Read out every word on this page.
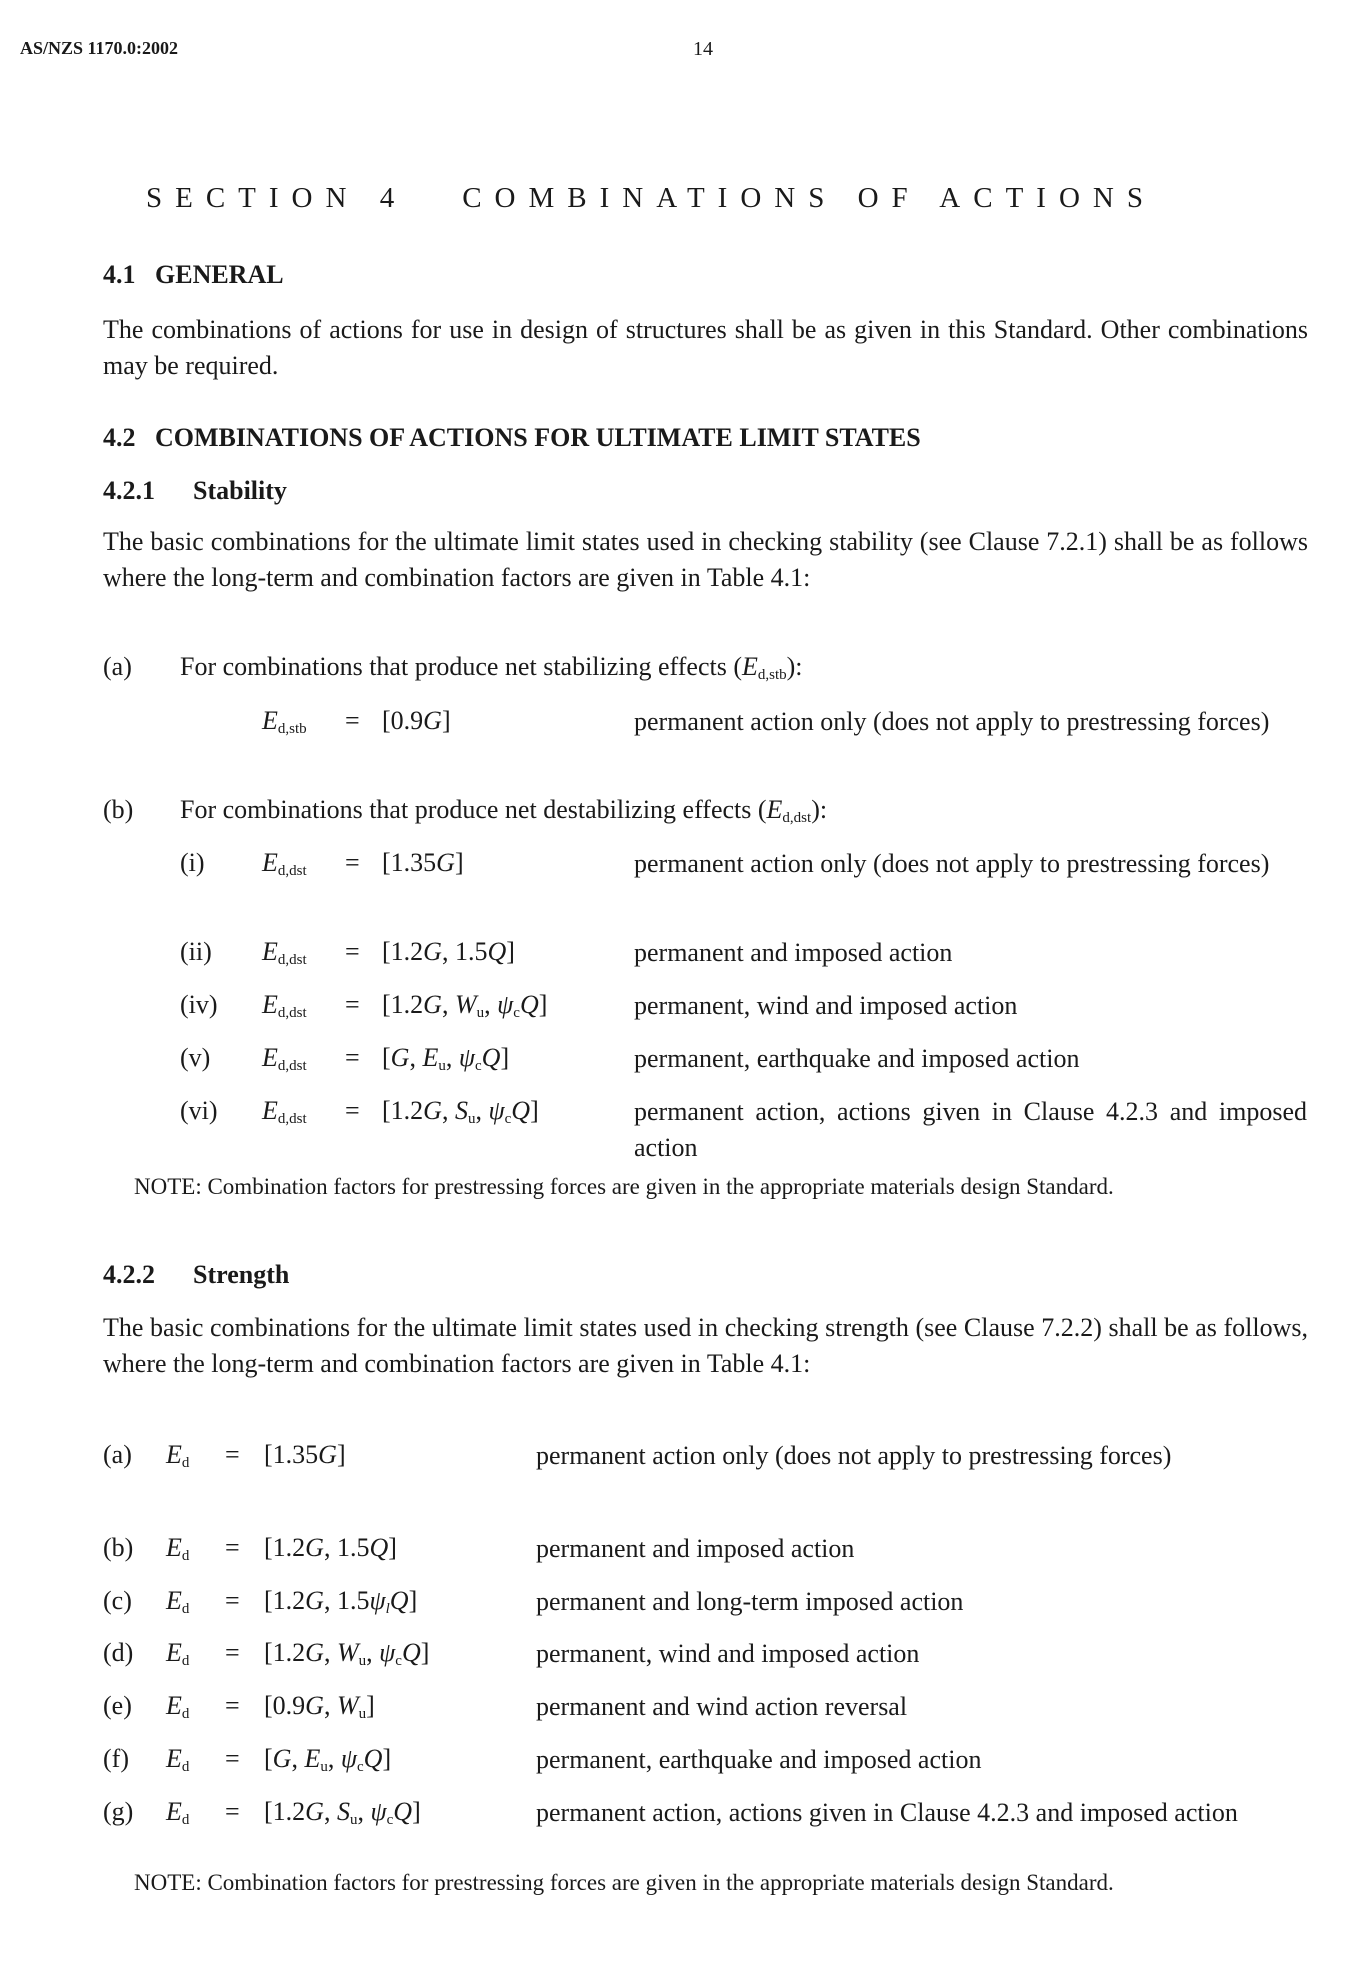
AS/NZS 1170.0:2002	14
SECTION 4 COMBINATIONS OF ACTIONS
4.1 GENERAL
The combinations of actions for use in design of structures shall be as given in this Standard. Other combinations may be required.
4.2 COMBINATIONS OF ACTIONS FOR ULTIMATE LIMIT STATES
4.2.1 Stability
The basic combinations for the ultimate limit states used in checking stability (see Clause 7.2.1) shall be as follows where the long-term and combination factors are given in Table 4.1:
(a) For combinations that produce net stabilizing effects $(E_{d,stb})$:
$E_{d,stb} = [0.9G]$	permanent action only (does not apply to prestressing forces)
(b) For combinations that produce net destabilizing effects $(E_{d,dst})$:
(i) $E_{d,dst} = [1.35G]$	permanent action only (does not apply to prestressing forces)
(ii) $E_{d,dst} = [1.2G$, 1.5Q]	permanent and imposed action
(iv) $E_{d,dst} = [1.2G$, $W_u$, $\psi_cQ$]	permanent, wind and imposed action
(v) $E_{d,dst} = [G$, $E_u$, $\psi_cQ$]	permanent, earthquake and imposed action
(vi) $E_{d,dst} = [1.2G$, $S_u$, $\psi_cQ$]	permanent action, actions given in Clause 4.2.3 and imposed action
NOTE: Combination factors for prestressing forces are given in the appropriate materials design Standard.
4.2.2 Strength
The basic combinations for the ultimate limit states used in checking strength (see Clause 7.2.2) shall be as follows, where the long-term and combination factors are given in Table 4.1:
(a) $E_d = [1.35G]$	permanent action only (does not apply to prestressing forces)
(b) $E_d = [1.2G$, 1.5Q]	permanent and imposed action
(c) $E_d = [1.2G$, $1.5\psi_lQ$]	permanent and long-term imposed action
(d) $E_d = [1.2G$, $W_u$, $\psi_cQ$]	permanent, wind and imposed action
(e) $E_d = [0.9G$, $W_u$]	permanent and wind action reversal
(f) $E_d = [G$, $E_u$, $\psi_cQ$]	permanent, earthquake and imposed action
(g) $E_d = [1.2G$, $S_u$, $\psi_cQ$]	permanent action, actions given in Clause 4.2.3 and imposed action
NOTE: Combination factors for prestressing forces are given in the appropriate materials design Standard.
